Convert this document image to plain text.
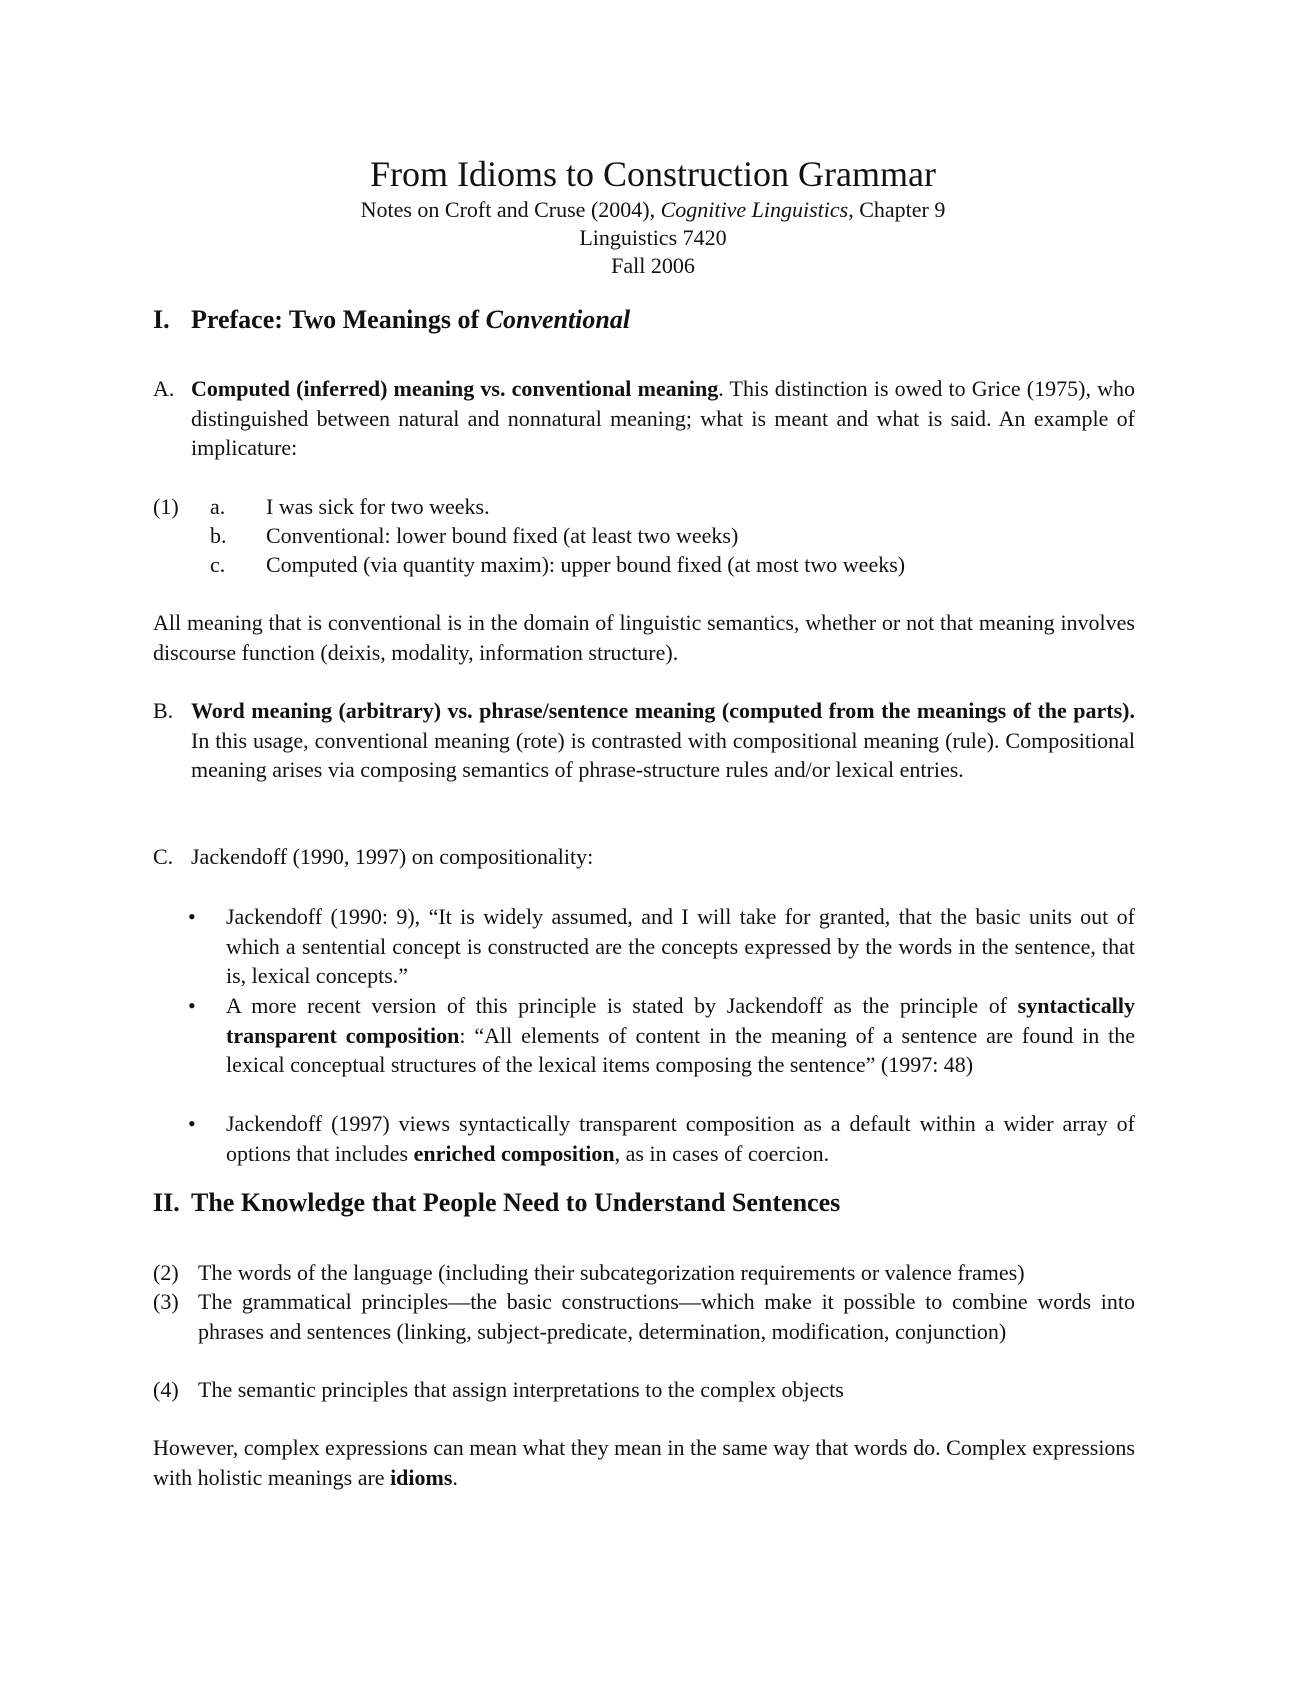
From Idioms to Construction Grammar
Notes on Croft and Cruse (2004), Cognitive Linguistics, Chapter 9
Linguistics 7420
Fall 2006
I. Preface: Two Meanings of Conventional
A. Computed (inferred) meaning vs. conventional meaning. This distinction is owed to Grice (1975), who distinguished between natural and nonnatural meaning; what is meant and what is said. An example of implicature:
(1) a. I was sick for two weeks.
b. Conventional: lower bound fixed (at least two weeks)
c. Computed (via quantity maxim): upper bound fixed (at most two weeks)
All meaning that is conventional is in the domain of linguistic semantics, whether or not that meaning involves discourse function (deixis, modality, information structure).
B. Word meaning (arbitrary) vs. phrase/sentence meaning (computed from the meanings of the parts). In this usage, conventional meaning (rote) is contrasted with compositional meaning (rule). Compositional meaning arises via composing semantics of phrase-structure rules and/or lexical entries.
C. Jackendoff (1990, 1997) on compositionality:
• Jackendoff (1990: 9), “It is widely assumed, and I will take for granted, that the basic units out of which a sentential concept is constructed are the concepts expressed by the words in the sentence, that is, lexical concepts.”
• A more recent version of this principle is stated by Jackendoff as the principle of syntactically transparent composition: “All elements of content in the meaning of a sentence are found in the lexical conceptual structures of the lexical items composing the sentence” (1997: 48)
• Jackendoff (1997) views syntactically transparent composition as a default within a wider array of options that includes enriched composition, as in cases of coercion.
II. The Knowledge that People Need to Understand Sentences
(2) The words of the language (including their subcategorization requirements or valence frames)
(3) The grammatical principles—the basic constructions—which make it possible to combine words into phrases and sentences (linking, subject-predicate, determination, modification, conjunction)
(4) The semantic principles that assign interpretations to the complex objects
However, complex expressions can mean what they mean in the same way that words do. Complex expressions with holistic meanings are idioms.
